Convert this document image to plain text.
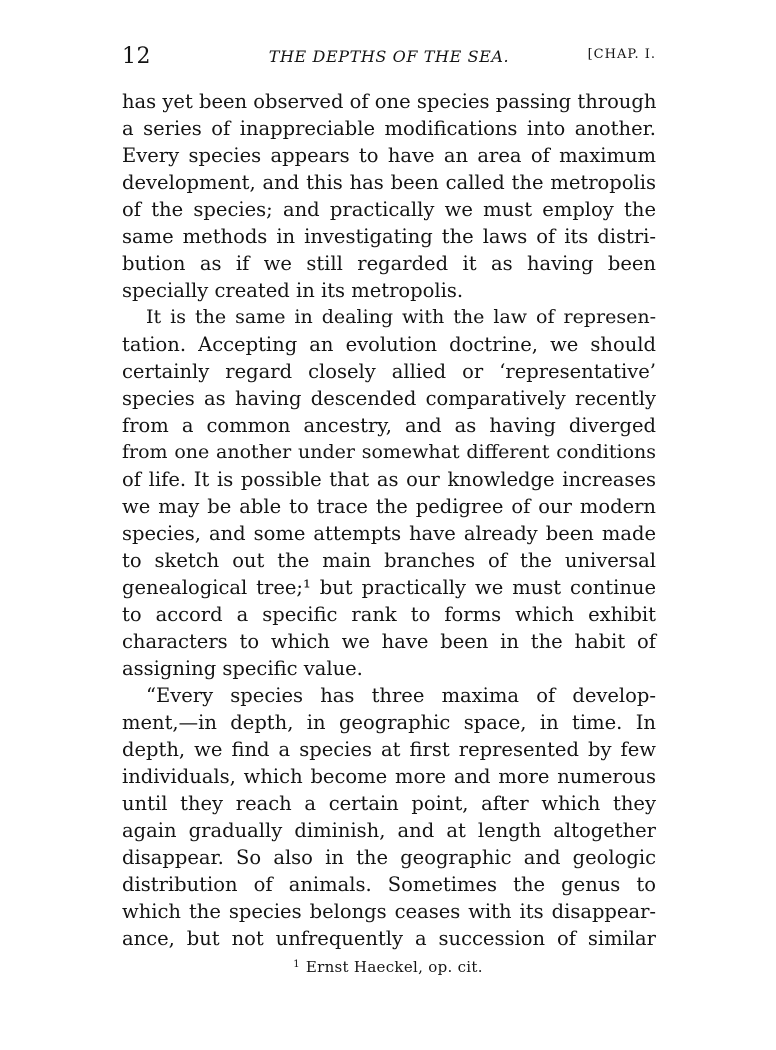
12	THE DEPTHS OF THE SEA.	[CHAP. I.
has yet been observed of one species passing through
a series of inappreciable modifications into another.
Every species appears to have an area of maximum
development, and this has been called the metropolis
of the species; and practically we must employ the
same methods in investigating the laws of its distri-
bution as if we still regarded it as having been
specially created in its metropolis.
It is the same in dealing with the law of represen-
tation. Accepting an evolution doctrine, we should
certainly regard closely allied or ‘representative’
species as having descended comparatively recently
from a common ancestry, and as having diverged
from one another under somewhat different conditions
of life. It is possible that as our knowledge increases
we may be able to trace the pedigree of our modern
species, and some attempts have already been made
to sketch out the main branches of the universal
genealogical tree;¹ but practically we must continue
to accord a specific rank to forms which exhibit
characters to which we have been in the habit of
assigning specific value.
“Every species has three maxima of develop-
ment,—in depth, in geographic space, in time. In
depth, we find a species at first represented by few
individuals, which become more and more numerous
until they reach a certain point, after which they
again gradually diminish, and at length altogether
disappear. So also in the geographic and geologic
distribution of animals. Sometimes the genus to
which the species belongs ceases with its disappear-
ance, but not unfrequently a succession of similar
$^1$ Ernst Haeckel, op. cit.
